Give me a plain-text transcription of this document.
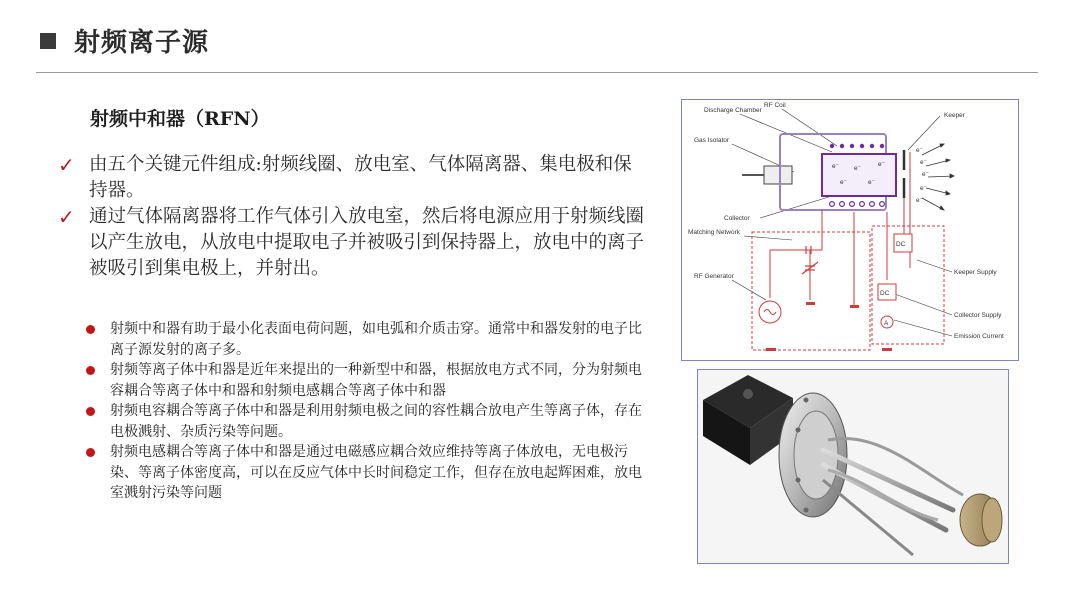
射频离子源
射频中和器（RFN）
✓ 由五个关键元件组成:射频线圈、放电室、气体隔离器、集电极和保持器。
✓ 通过气体隔离器将工作气体引入放电室，然后将电源应用于射频线圈以产生放电，从放电中提取电子并被吸引到保持器上，放电中的离子被吸引到集电极上，并射出。
射频中和器有助于最小化表面电荷问题，如电弧和介质击穿。通常中和器发射的电子比离子源发射的离子多。
射频等离子体中和器是近年来提出的一种新型中和器，根据放电方式不同，分为射频电容耦合等离子体中和器和射频电感耦合等离子体中和器
射频电容耦合等离子体中和器是利用射频电极之间的容性耦合放电产生等离子体，存在电极溅射、杂质污染等问题。
射频电感耦合等离子体中和器是通过电磁感应耦合效应维持等离子体放电，无电极污染、等离子体密度高，可以在反应气体中长时间稳定工作，但存在放电起辉困难，放电室溅射污染等问题
Discharge Chamber
RF Coil
Gas Isolator
Keeper
Collector
Matching Network
RF Generator
Keeper Supply
Collector Supply
Emission Current
e⁻ e⁻
e⁻	e⁻
e⁻
e⁻
e⁻
e⁻
e⁻
e⁻
DC
DC
A
